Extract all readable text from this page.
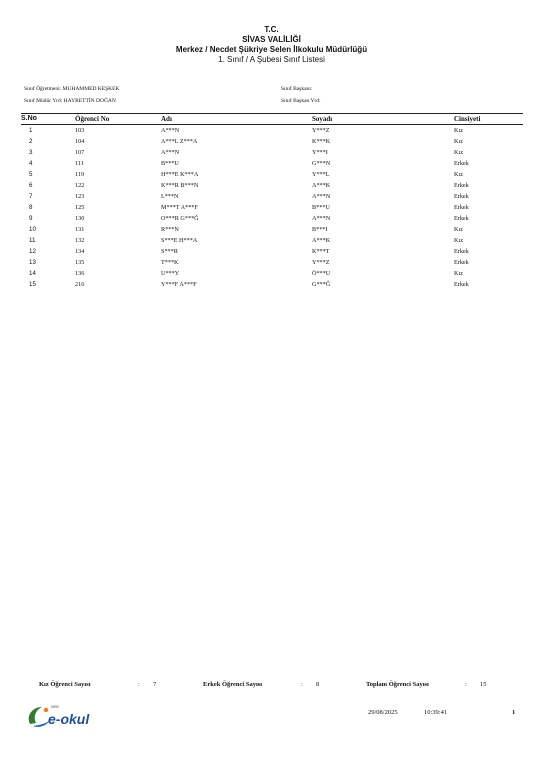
T.C.
SİVAS VALİLİĞİ
Merkez / Necdet Şükriye Selen İlkokulu Müdürlüğü
1. Sınıf / A Şubesi Sınıf Listesi
Sınıf Öğretmeni: MUHAMMED KEŞKEK
Sınıf Müdür Yrd: HAYRETTİN DOĞAN
Sınıf Başkanı:
Sınıf Başkan Yrd:
S.No	Öğrenci No	Adı	Soyadı	Cinsiyeti
1	103	A***N	Y***Z	Kız
2	104	A***L Z***A	K***K	Kız
3	107	A***N	Y***I	Kız
4	111	B***U	G***N	Erkek
5	119	H***E K***A	Y***L	Kız
6	122	K***R B***N	A***K	Erkek
7	123	L***N	A***N	Erkek
8	125	M***T A***F	B***U	Erkek
9	130	O***R G***Ğ	A***N	Erkek
10	131	R***N	B***I	Kız
11	132	S***E H***A	A***K	Kız
12	134	S***R	K***T	Erkek
13	135	T***K	Y***Z	Erkek
14	136	U***Y	Ö***U	Kız
15	216	Y***F A***F	G***Ğ	Erkek
Kız Öğrenci Sayısı	: 7	Erkek Öğrenci Sayısı	: 8	Toplam Öğrenci Sayısı	: 15
MEB
e-okul	29/08/2025	10:39:41	1
